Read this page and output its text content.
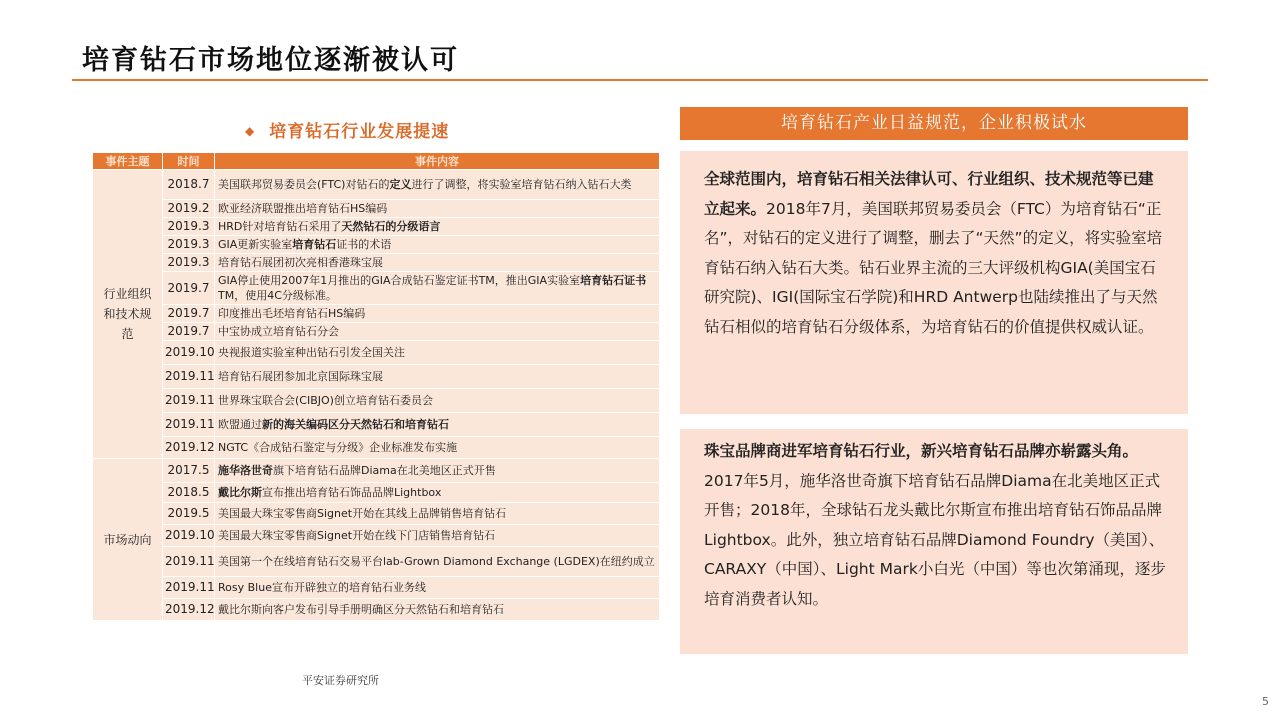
培育钻石市场地位逐渐被认可
◆ 培育钻石行业发展提速
事件主题	时间	事件内容
行业组织和技术规范	2018.7	美国联邦贸易委员会(FTC)对钻石的定义进行了调整，将实验室培育钻石纳入钻石大类
	2019.2	欧亚经济联盟推出培育钻石HS编码
	2019.3	HRD针对培育钻石采用了天然钻石的分级语言
	2019.3	GIA更新实验室培育钻石证书的术语
	2019.3	培育钻石展团初次亮相香港珠宝展
	2019.7	GIA停止使用2007年1月推出的GIA合成钻石鉴定证书TM，推出GIA实验室培育钻石证书TM，使用4C分级标准。
	2019.7	印度推出毛坯培育钻石HS编码
	2019.7	中宝协成立培育钻石分会
	2019.10	央视报道实验室种出钻石引发全国关注
	2019.11	培育钻石展团参加北京国际珠宝展
	2019.11	世界珠宝联合会(CIBJO)创立培育钻石委员会
	2019.11	欧盟通过新的海关编码区分天然钻石和培育钻石
	2019.12	NGTC《合成钻石鉴定与分级》企业标准发布实施
市场动向	2017.5	施华洛世奇旗下培育钻石品牌Diama在北美地区正式开售
	2018.5	戴比尔斯宣布推出培育钻石饰品品牌Lightbox
	2019.5	美国最大珠宝零售商Signet开始在其线上品牌销售培育钻石
	2019.10	美国最大珠宝零售商Signet开始在线下门店销售培育钻石
	2019.11	美国第一个在线培育钻石交易平台lab-Grown Diamond Exchange (LGDEX)在纽约成立
	2019.11	Rosy Blue宣布开辟独立的培育钻石业务线
	2019.12	戴比尔斯向客户发布引导手册明确区分天然钻石和培育钻石
平安证券研究所
培育钻石产业日益规范，企业积极试水
全球范围内，培育钻石相关法律认可、行业组织、技术规范等已建立起来。2018年7月，美国联邦贸易委员会（FTC）为培育钻石“正名”，对钻石的定义进行了调整，删去了“天然”的定义，将实验室培育钻石纳入钻石大类。钻石业界主流的三大评级机构GIA(美国宝石研究院)、IGI(国际宝石学院)和HRD Antwerp也陆续推出了与天然钻石相似的培育钻石分级体系，为培育钻石的价值提供权威认证。
珠宝品牌商进军培育钻石行业，新兴培育钻石品牌亦崭露头角。2017年5月，施华洛世奇旗下培育钻石品牌Diama在北美地区正式开售；2018年，全球钻石龙头戴比尔斯宣布推出培育钻石饰品品牌Lightbox。此外，独立培育钻石品牌Diamond Foundry（美国）、CARAXY（中国）、Light Mark小白光（中国）等也次第涌现，逐步培育消费者认知。
5
